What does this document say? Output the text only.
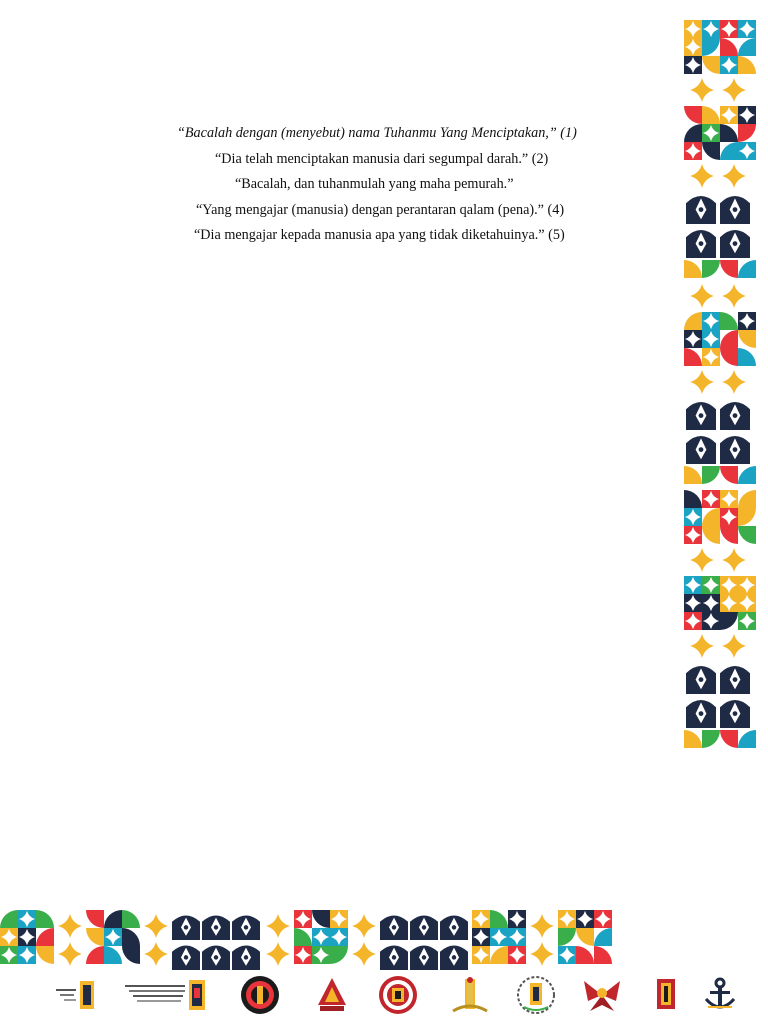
“Bacalah dengan (menyebut) nama Tuhanmu Yang Menciptakan,” (1)
“Dia telah menciptakan manusia dari segumpal darah.” (2)
“Bacalah, dan tuhanmulah yang maha pemurah.”
“Yang mengajar (manusia) dengan perantaran qalam (pena).” (4)
“Dia mengajar kepada manusia apa yang tidak diketahuinya.” (5)
